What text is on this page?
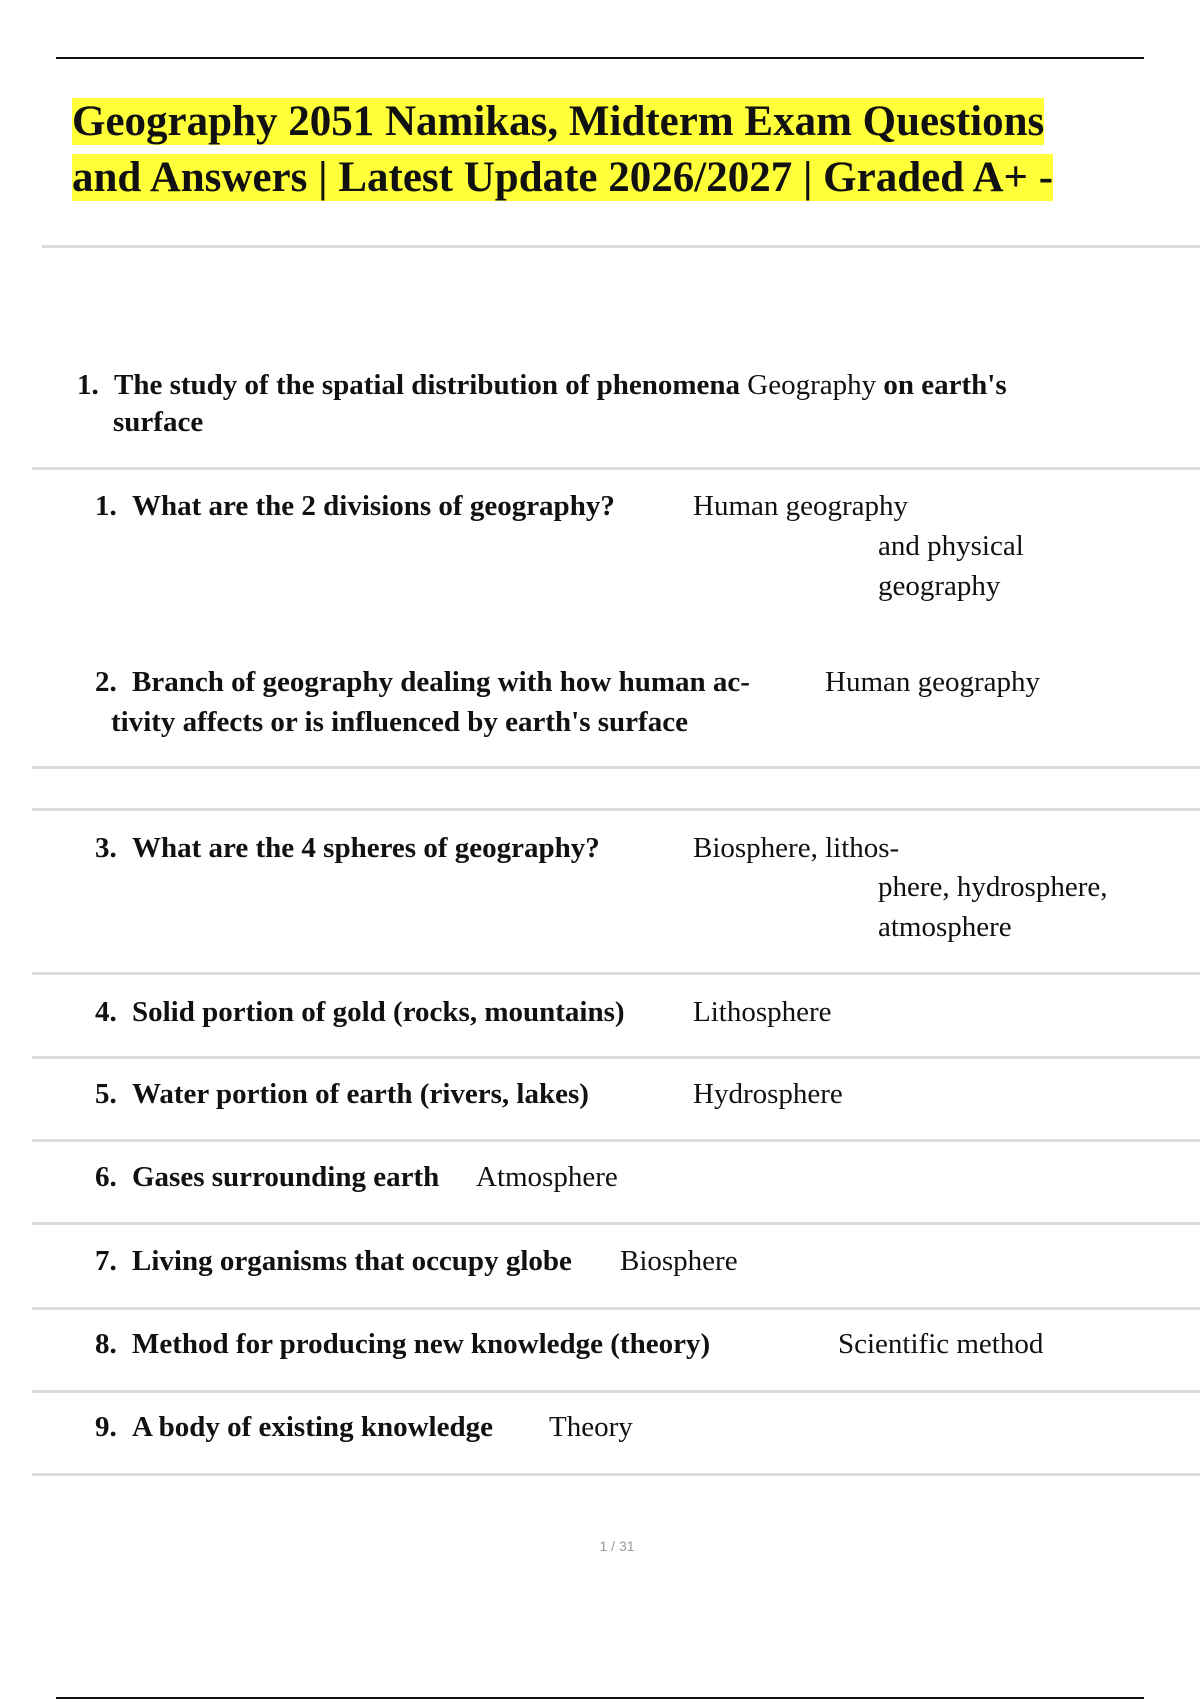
Geography 2051 Namikas, Midterm Exam Questions
and Answers | Latest Update 2026/2027 | Graded A+ -
1. The study of the spatial distribution of phenomena Geography on earth's
surface
1. What are the 2 divisions of geography?	Human geography
and physical
geography
2. Branch of geography dealing with how human ac-	Human geography
tivity affects or is influenced by earth's surface
3. What are the 4 spheres of geography?	Biosphere, lithos-
phere, hydrosphere,
atmosphere
4. Solid portion of gold (rocks, mountains) Lithosphere
5. Water portion of earth (rivers, lakes)	Hydrosphere
6. Gases surrounding earth Atmosphere
7. Living organisms that occupy globe Biosphere
8. Method for producing new knowledge (theory)	Scientific method
9. A body of existing knowledge Theory
1 / 31
